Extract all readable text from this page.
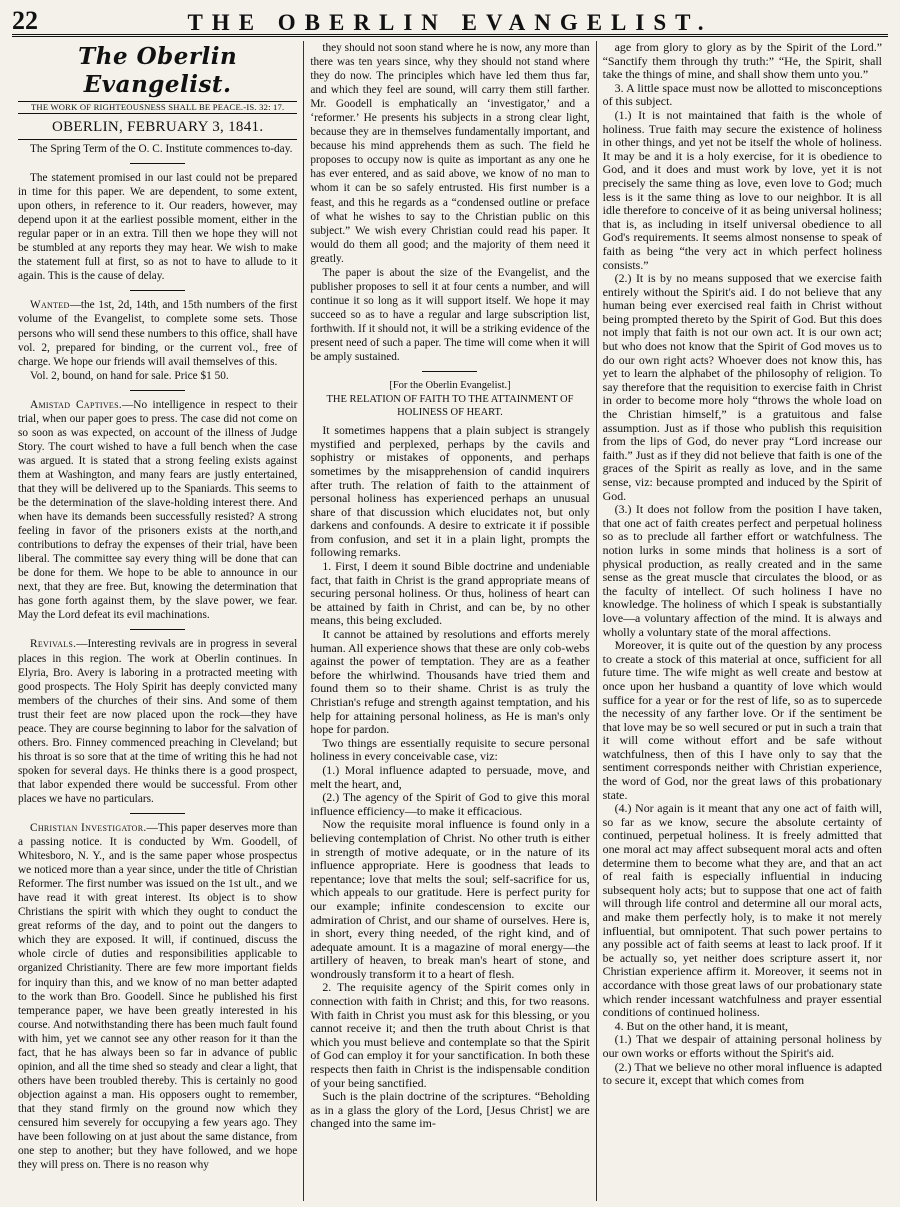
22	THE OBERLIN EVANGELIST.
The Oberlin Evangelist.
THE WORK OF RIGHTEOUSNESS SHALL BE PEACE.-IS. 32: 17.
OBERLIN, FEBRUARY 3, 1841.

The Spring Term of the O. C. Institute commences to-day.

The statement promised in our last could not be prepared in time for this paper. We are dependent, to some extent, upon others, in reference to it. Our readers, however, may depend upon it at the earliest possible moment, either in the regular paper or in an extra. Till then we hope they will not be stumbled at any reports they may hear. We wish to make the statement full at first, so as not to have to allude to it again. This is the cause of delay.

Wanted—the 1st, 2d, 14th, and 15th numbers of the first volume of the Evangelist, to complete some sets. Those persons who will send these numbers to this office, shall have vol. 2, prepared for binding, or the current vol., free of charge. We hope our friends will avail themselves of this.

Vol. 2, bound, on hand for sale. Price $1 50.

Amistad Captives.—No intelligence in respect to their trial, when our paper goes to press. The case did not come on so soon as was expected, on account of the illness of Judge Story. The court wished to have a full bench when the case was argued. It is stated that a strong feeling exists against them at Washington, and many fears are justly entertained, that they will be delivered up to the Spaniards. This seems to be the determination of the slave-holding interest there. And when have its demands been successfully resisted? A strong feeling in favor of the prisoners exists at the north,and contributions to defray the expenses of their trial, have been liberal. The committee say every thing will be done that can be done for them. We hope to be able to announce in our next, that they are free. But, knowing the determination that has gone forth against them, by the slave power, we fear. May the Lord defeat its evil machinations.

Revivals.—Interesting revivals are in progress in several places in this region. The work at Oberlin continues. In Elyria, Bro. Avery is laboring in a protracted meeting with good prospects. The Holy Spirit has deeply convicted many members of the churches of their sins. And some of them trust their feet are now placed upon the rock—they have peace. They are course beginning to labor for the salvation of others. Bro. Finney commenced preaching in Cleveland; but his throat is so sore that at the time of writing this he had not spoken for several days. He thinks there is a good prospect, that labor expended there would be successful. From other places we have no particulars.

Christian Investigator.—This paper deserves more than a passing notice. It is conducted by Wm. Goodell, of Whitesboro, N. Y., and is the same paper whose prospectus we noticed more than a year since, under the title of Christian Reformer. The first number was issued on the 1st ult., and we have read it with great interest. Its object is to show Christians the spirit with which they ought to conduct the great reforms of the day, and to point out the dangers to which they are exposed. It will, if continued, discuss the whole circle of duties and responsibilities applicable to organized Christianity. There are few more important fields for inquiry than this, and we know of no man better adapted to the work than Bro. Goodell. Since he published his first temperance paper, we have been greatly interested in his course. And notwithstanding there has been much fault found with him, yet we cannot see any other reason for it than the fact, that he has always been so far in advance of public opinion, and all the time shed so steady and clear a light, that others have been troubled thereby. This is certainly no good objection against a man. His opposers ought to remember, that they stand firmly on the ground now which they censured him severely for occupying a few years ago. They have been following on at just about the same distance, from one step to another; but they have followed, and we hope they will press on. There is no reason why

they should not soon stand where he is now, any more than there was ten years since, why they should not stand where they do now. The principles which have led them thus far, and which they feel are sound, will carry them still farther. Mr. Goodell is emphatically an ‘investigator,’ and a ‘reformer.’ He presents his subjects in a strong clear light, because they are in themselves fundamentally important, and because his mind apprehends them as such. The field he proposes to occupy now is quite as important as any one he has ever entered, and as said above, we know of no man to whom it can be so safely entrusted. His first number is a feast, and this he regards as a “condensed outline or preface of what he wishes to say to the Christian public on this subject.” We wish every Christian could read his paper. It would do them all good; and the majority of them need it greatly.

The paper is about the size of the Evangelist, and the publisher proposes to sell it at four cents a number, and will continue it so long as it will support itself. We hope it may succeed so as to have a regular and large subscription list, forthwith. If it should not, it will be a striking evidence of the present need of such a paper. The time will come when it will be amply sustained.

[For the Oberlin Evangelist.]
THE RELATION OF FAITH TO THE ATTAINMENT OF HOLINESS OF HEART.

It sometimes happens that a plain subject is strangely mystified and perplexed, perhaps by the cavils and sophistry or mistakes of opponents, and perhaps sometimes by the misapprehension of candid inquirers after truth. The relation of faith to the attainment of personal holiness has experienced perhaps an unusual share of that discussion which elucidates not, but only darkens and confounds. A desire to extricate it if possible from confusion, and set it in a plain light, prompts the following remarks.

1. First, I deem it sound Bible doctrine and undeniable fact, that faith in Christ is the grand appropriate means of securing personal holiness. Or thus, holiness of heart can be attained by faith in Christ, and can be, by no other means, this being excluded.

It cannot be attained by resolutions and efforts merely human. All experience shows that these are only cob-webs against the power of temptation. They are as a feather before the whirlwind. Thousands have tried them and found them so to their shame. Christ is as truly the Christian's refuge and strength against temptation, and his help for attaining personal holiness, as He is man's only hope for pardon.

Two things are essentially requisite to secure personal holiness in every conceivable case, viz:

(1.) Moral influence adapted to persuade, move, and melt the heart, and,

(2.) The agency of the Spirit of God to give this moral influence efficiency—to make it efficacious.

Now the requisite moral influence is found only in a believing contemplation of Christ. No other truth is either in strength of motive adequate, or in the nature of its influence appropriate. Here is goodness that leads to repentance; love that melts the soul; self-sacrifice for us, which appeals to our gratitude. Here is perfect purity for our example; infinite condescension to excite our admiration of Christ, and our shame of ourselves. Here is, in short, every thing needed, of the right kind, and of adequate amount. It is a magazine of moral energy—the artillery of heaven, to break man's heart of stone, and wondrously transform it to a heart of flesh.

2. The requisite agency of the Spirit comes only in connection with faith in Christ; and this, for two reasons. With faith in Christ you must ask for this blessing, or you cannot receive it; and then the truth about Christ is that which you must believe and contemplate so that the Spirit of God can employ it for your sanctification. In both these respects then faith in Christ is the indispensable condition of your being sanctified.

Such is the plain doctrine of the scriptures. “Beholding as in a glass the glory of the Lord, [Jesus Christ] we are changed into the same im-

age from glory to glory as by the Spirit of the Lord.” “Sanctify them through thy truth:” “He, the Spirit, shall take the things of mine, and shall show them unto you.”

3. A little space must now be allotted to misconceptions of this subject.

(1.) It is not maintained that faith is the whole of holiness. True faith may secure the existence of holiness in other things, and yet not be itself the whole of holiness. It may be and it is a holy exercise, for it is obedience to God, and it does and must work by love, yet it is not precisely the same thing as love, even love to God; much less is it the same thing as love to our neighbor. It is all idle therefore to conceive of it as being universal holiness; that is, as including in itself universal obedience to all God's requirements. It seems almost nonsense to speak of faith as being “the very act in which perfect holiness consists.”

(2.) It is by no means supposed that we exercise faith entirely without the Spirit's aid. I do not believe that any human being ever exercised real faith in Christ without being prompted thereto by the Spirit of God. But this does not imply that faith is not our own act. It is our own act; but who does not know that the Spirit of God moves us to do our own right acts? Whoever does not know this, has yet to learn the alphabet of the philosophy of religion. To say therefore that the requisition to exercise faith in Christ in order to become more holy “throws the whole load on the Christian himself,” is a gratuitous and false assumption. Just as if those who publish this requisition from the lips of God, do never pray “Lord increase our faith.” Just as if they did not believe that faith is one of the graces of the Spirit as really as love, and in the same sense, viz: because prompted and induced by the Spirit of God.

(3.) It does not follow from the position I have taken, that one act of faith creates perfect and perpetual holiness so as to preclude all farther effort or watchfulness. The notion lurks in some minds that holiness is a sort of physical production, as really created and in the same sense as the great muscle that circulates the blood, or as the faculty of intellect. Of such holiness I have no knowledge. The holiness of which I speak is substantially love—a voluntary affection of the mind. It is always and wholly a voluntary state of the moral affections.

Moreover, it is quite out of the question by any process to create a stock of this material at once, sufficient for all future time. The wife might as well create and bestow at once upon her husband a quantity of love which would suffice for a year or for the rest of life, so as to supercede the necessity of any farther love. Or if the sentiment be that love may be so well secured or put in such a train that it will come without effort and be safe without watchfulness, then of this I have only to say that the sentiment corresponds neither with Christian experience, the word of God, nor the great laws of this probationary state.

(4.) Nor again is it meant that any one act of faith will, so far as we know, secure the absolute certainty of continued, perpetual holiness. It is freely admitted that one moral act may affect subsequent moral acts and often determine them to become what they are, and that an act of real faith is especially influential in inducing subsequent holy acts; but to suppose that one act of faith will through life control and determine all our moral acts, and make them perfectly holy, is to make it not merely influential, but omnipotent. That such power pertains to any possible act of faith seems at least to lack proof. If it be actually so, yet neither does scripture assert it, nor Christian experience affirm it. Moreover, it seems not in accordance with those great laws of our probationary state which render incessant watchfulness and prayer essential conditions of continued holiness.

4. But on the other hand, it is meant,

(1.) That we despair of attaining personal holiness by our own works or efforts without the Spirit's aid.

(2.) That we believe no other moral influence is adapted to secure it, except that which comes from
